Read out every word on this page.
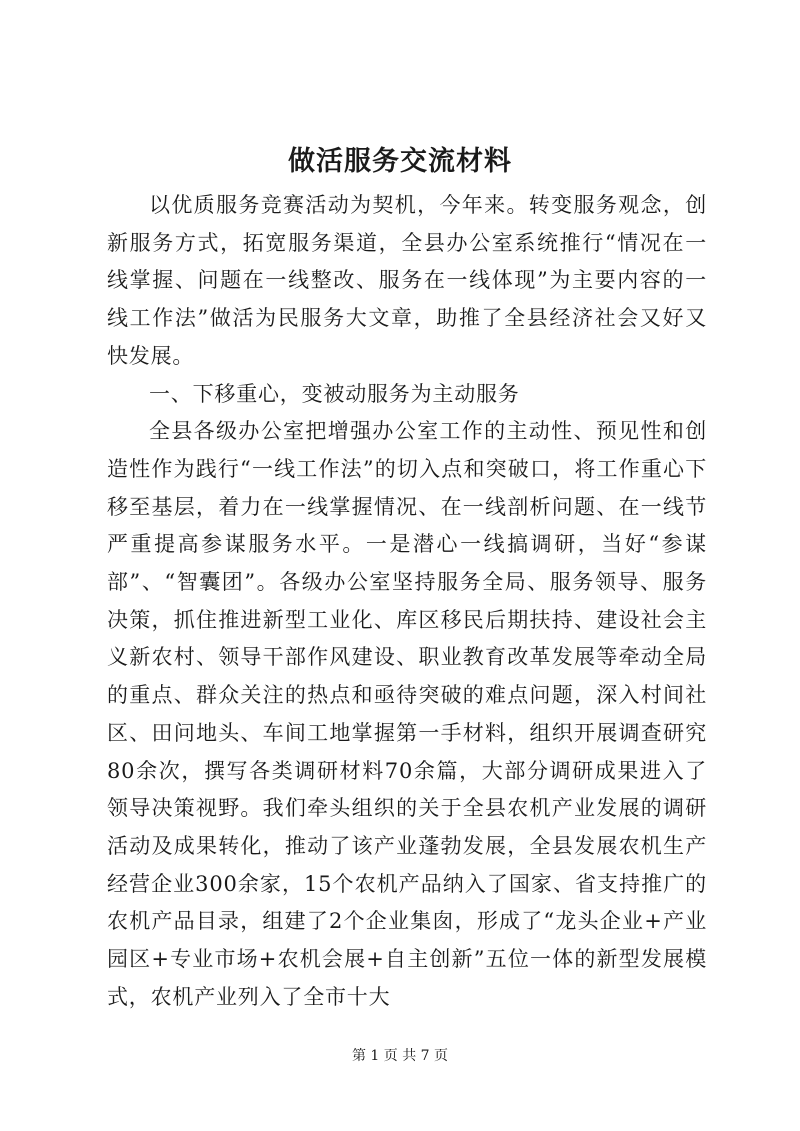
做活服务交流材料

以优质服务竞赛活动为契机，今年来。转变服务观念，创新服务方式，拓宽服务渠道，全县办公室系统推行“情况在一线掌握、问题在一线整改、服务在一线体现”为主要内容的一线工作法”做活为民服务大文章，助推了全县经济社会又好又快发展。

一、下移重心，变被动服务为主动服务

全县各级办公室把增强办公室工作的主动性、预见性和创造性作为践行“一线工作法”的切入点和突破口，将工作重心下移至基层，着力在一线掌握情况、在一线剖析问题、在一线节严重提高参谋服务水平。一是潜心一线搞调研，当好“参谋部”、“智囊团”。各级办公室坚持服务全局、服务领导、服务决策，抓住推进新型工业化、库区移民后期扶持、建设社会主义新农村、领导干部作风建设、职业教育改革发展等牵动全局的重点、群众关注的热点和亟待突破的难点问题，深入村间社区、田问地头、车间工地掌握第一手材料，组织开展调查研究80余次，撰写各类调研材料70余篇，大部分调研成果进入了领导决策视野。我们牵头组织的关于全县农机产业发展的调研活动及成果转化，推动了该产业蓬勃发展，全县发展农机生产经营企业300余家，15个农机产品纳入了国家、省支持推广的农机产品目录，组建了2个企业集囱，形成了“龙头企业+产业园区+专业市场+农机会展+自主创新”五位一体的新型发展模式，农机产业列入了全市十大

第 1 页 共 7 页
